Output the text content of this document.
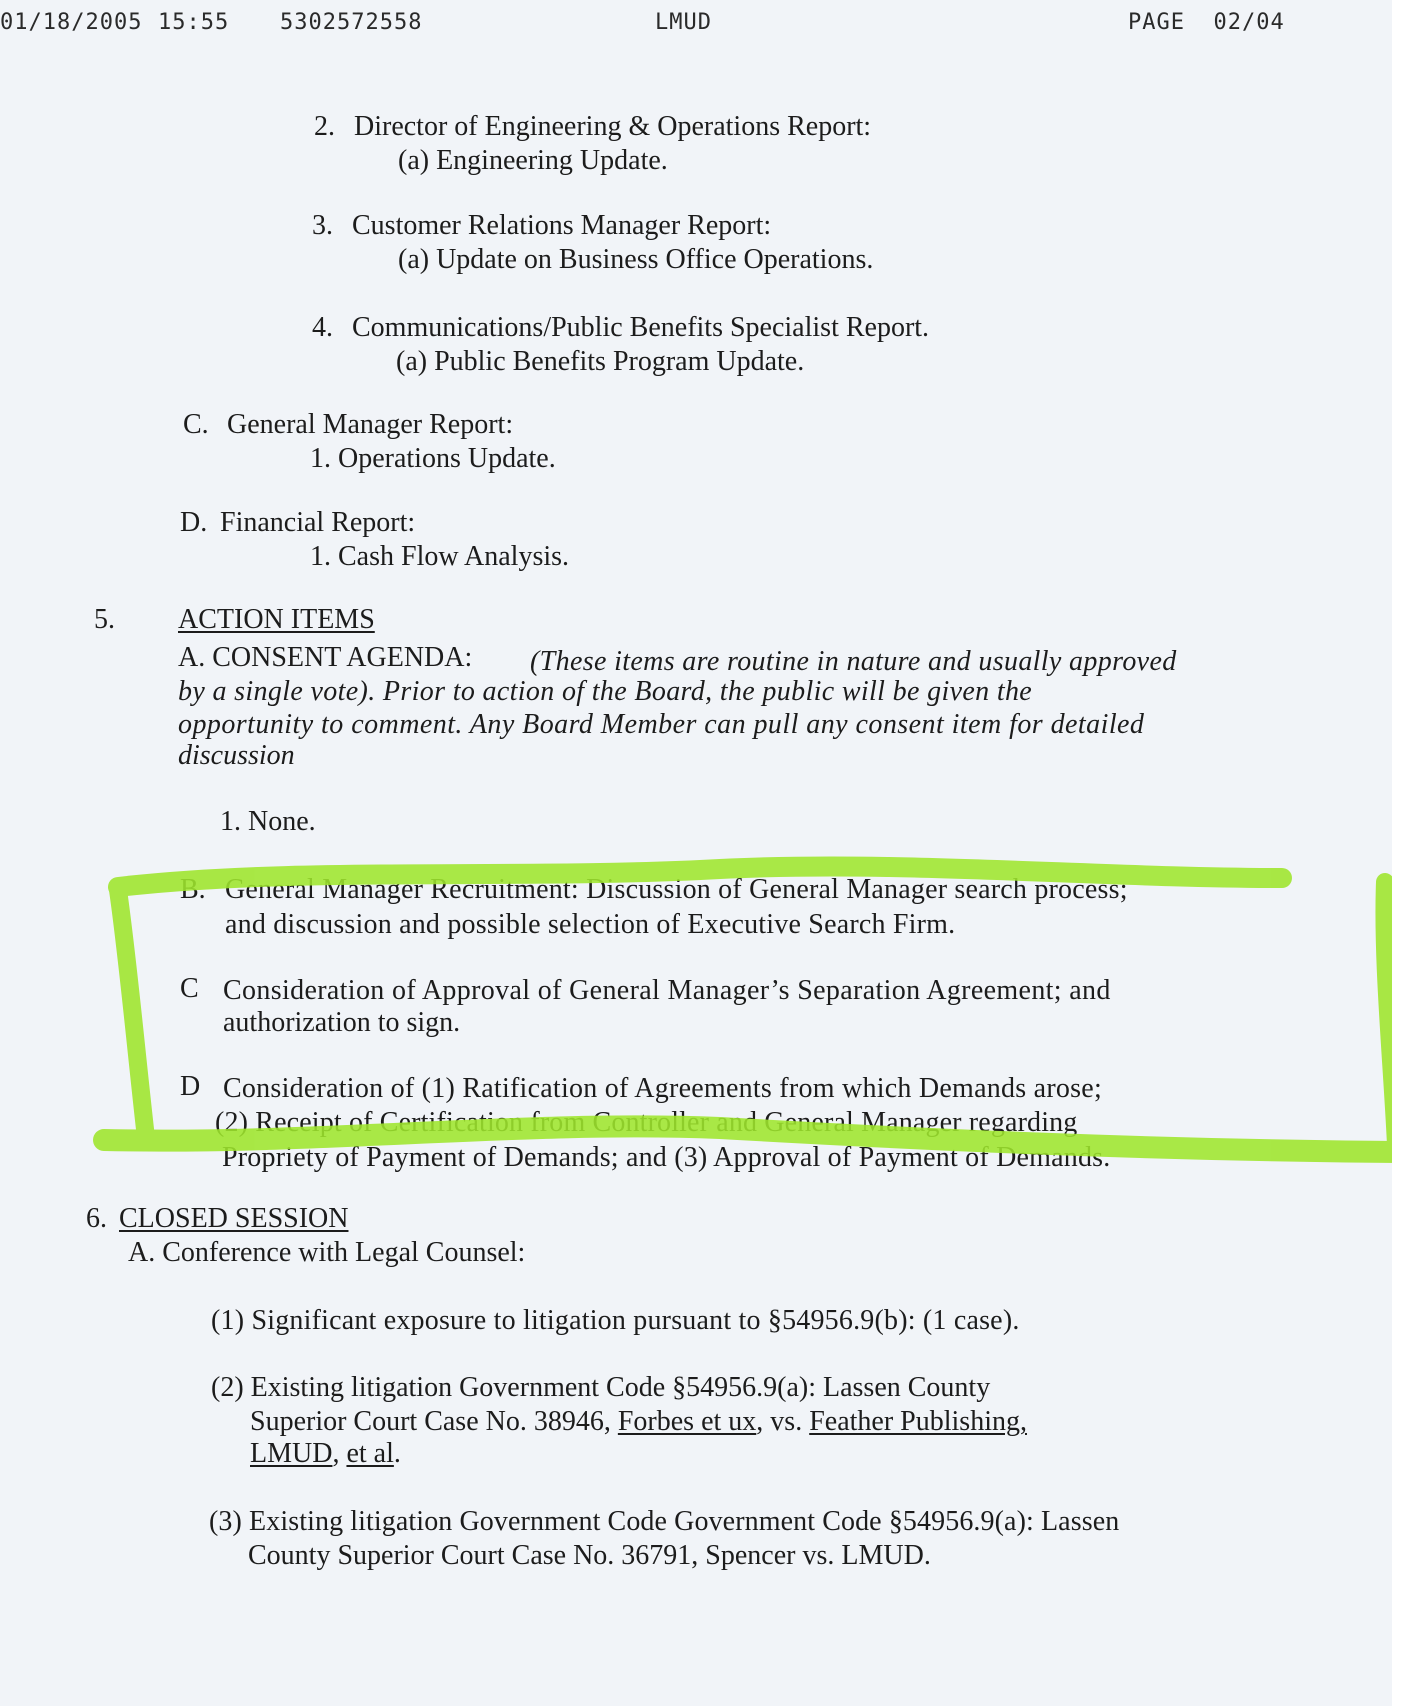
01/18/2005 15:55 5302572558	LMUD	PAGE  02/04
2. Director of Engineering & Operations Report:
(a) Engineering Update.
3. Customer Relations Manager Report:
(a) Update on Business Office Operations.
4. Communications/Public Benefits Specialist Report.
(a) Public Benefits Program Update.
C. General Manager Report:
1. Operations Update.
D. Financial Report:
1. Cash Flow Analysis.
5. ACTION ITEMS
A. CONSENT AGENDA: (These items are routine in nature and usually approved
by a single vote). Prior to action of the Board, the public will be given the
opportunity to comment. Any Board Member can pull any consent item for detailed
discussion
1. None.
B. General Manager Recruitment: Discussion of General Manager search process;
and discussion and possible selection of Executive Search Firm.
C Consideration of Approval of General Manager’s Separation Agreement; and
authorization to sign.
D Consideration of (1) Ratification of Agreements from which Demands arose;
(2) Receipt of Certification from Controller and General Manager regarding
Propriety of Payment of Demands; and (3) Approval of Payment of Demands.
6. CLOSED SESSION
A. Conference with Legal Counsel:
(1) Significant exposure to litigation pursuant to §54956.9(b): (1 case).
(2) Existing litigation Government Code §54956.9(a): Lassen County
Superior Court Case No. 38946, Forbes et ux, vs. Feather Publishing,
LMUD, et al.
(3) Existing litigation Government Code Government Code §54956.9(a): Lassen
County Superior Court Case No. 36791, Spencer vs. LMUD.
